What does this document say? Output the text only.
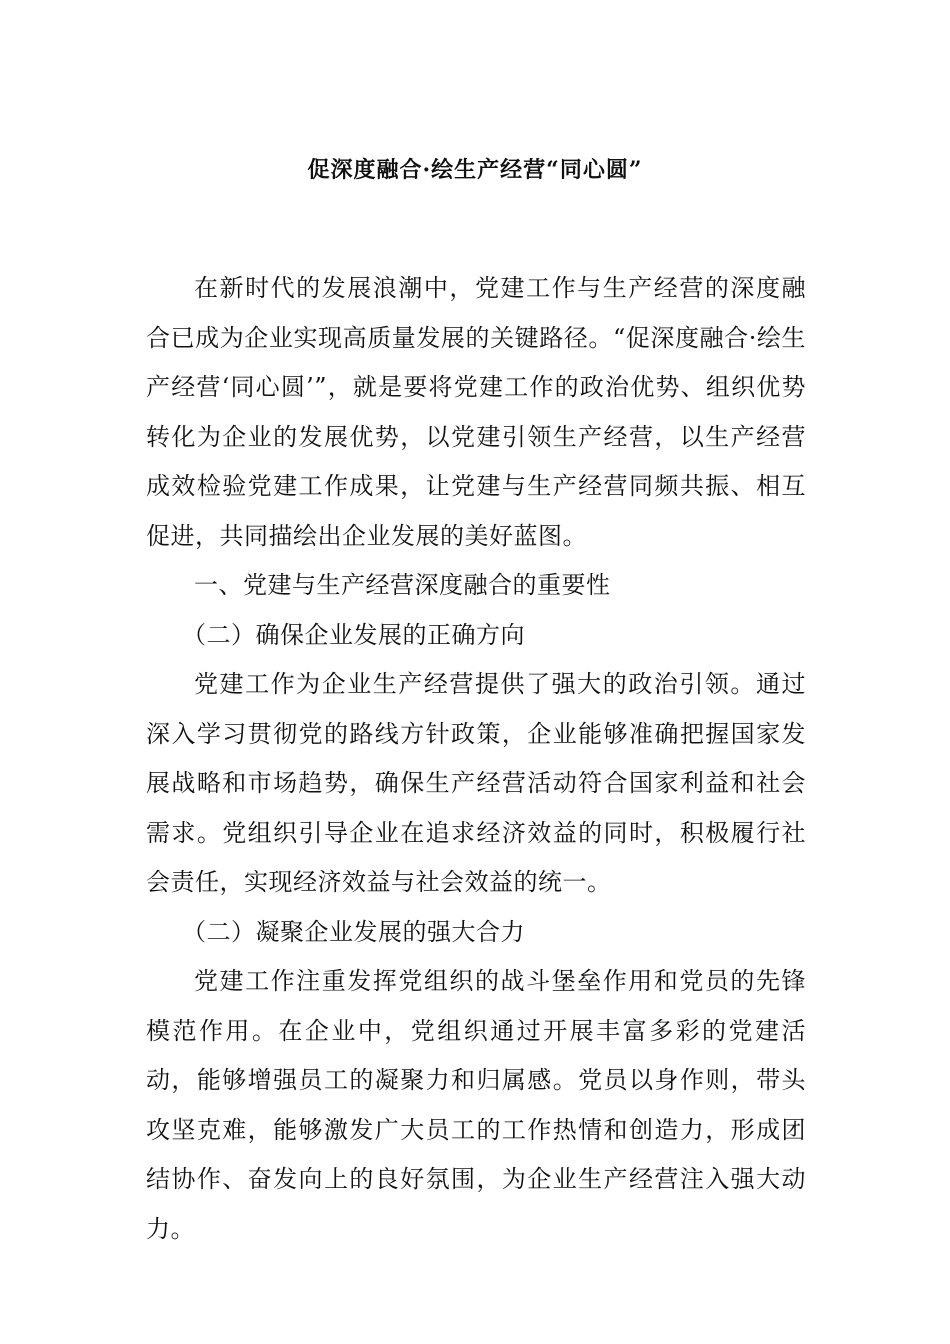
促深度融合·绘生产经营“同心圆”

在新时代的发展浪潮中，党建工作与生产经营的深度融合已成为企业实现高质量发展的关键路径。“促深度融合·绘生产经营‘同心圆’”，就是要将党建工作的政治优势、组织优势转化为企业的发展优势，以党建引领生产经营，以生产经营成效检验党建工作成果，让党建与生产经营同频共振、相互促进，共同描绘出企业发展的美好蓝图。

一、党建与生产经营深度融合的重要性

（二）确保企业发展的正确方向

党建工作为企业生产经营提供了强大的政治引领。通过深入学习贯彻党的路线方针政策，企业能够准确把握国家发展战略和市场趋势，确保生产经营活动符合国家利益和社会需求。党组织引导企业在追求经济效益的同时，积极履行社会责任，实现经济效益与社会效益的统一。

（二）凝聚企业发展的强大合力

党建工作注重发挥党组织的战斗堡垒作用和党员的先锋模范作用。在企业中，党组织通过开展丰富多彩的党建活动，能够增强员工的凝聚力和归属感。党员以身作则，带头攻坚克难，能够激发广大员工的工作热情和创造力，形成团结协作、奋发向上的良好氛围，为企业生产经营注入强大动力。
